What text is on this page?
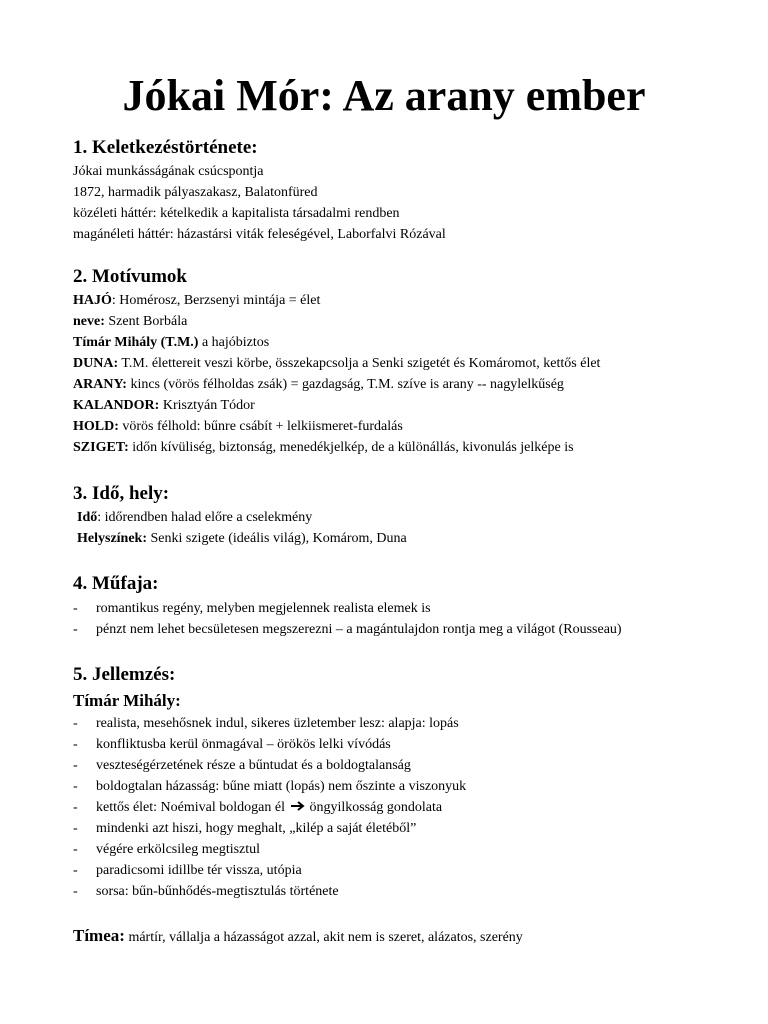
Jókai Mór: Az arany ember
1. Keletkezéstörténete:
Jókai munkásságának csúcspontja
1872, harmadik pályaszakasz, Balatonfüred
közéleti háttér: kételkedik a kapitalista társadalmi rendben
magánéleti háttér: házastársi viták feleségével, Laborfalvi Rózával
2. Motívumok
HAJÓ: Homérosz, Berzsenyi mintája = élet
neve: Szent Borbála
Tímár Mihály (T.M.) a hajóbiztos
DUNA: T.M. élettereit veszi körbe, összekapcsolja a Senki szigetét és Komáromot, kettős élet
ARANY: kincs (vörös félholdas zsák) = gazdagság, T.M. szíve is arany -- nagylelkűség
KALANDOR: Krisztyán Tódor
HOLD: vörös félhold: bűnre csábít + lelkiismeret-furdalás
SZIGET: időn kívüliség, biztonság, menedékjelkép, de a különállás, kivonulás jelképe is
3. Idő, hely:
Idő: időrendben halad előre a cselekmény
Helyszínek: Senki szigete (ideális világ), Komárom, Duna
4. Műfaja:
-	romantikus regény, melyben megjelennek realista elemek is
-	pénzt nem lehet becsületesen megszerezni – a magántulajdon rontja meg a világot (Rousseau)
5. Jellemzés:
Tímár Mihály:
-	realista, mesehősnek indul, sikeres üzletember lesz: alapja: lopás
-	konfliktusba kerül önmagával – örökös lelki vívódás
-	veszteségérzetének része a bűntudat és a boldogtalanság
-	boldogtalan házasság: bűne miatt (lopás) nem őszinte a viszonyuk
-	kettős élet: Noémival boldogan él öngyilkosság gondolata
-	mindenki azt hiszi, hogy meghalt, „kilép a saját életéből”
-	végére erkölcsileg megtisztul
-	paradicsomi idillbe tér vissza, utópia
-	sorsa: bűn-bűnhődés-megtisztulás története
Tímea: mártír, vállalja a házasságot azzal, akit nem is szeret, alázatos, szerény
